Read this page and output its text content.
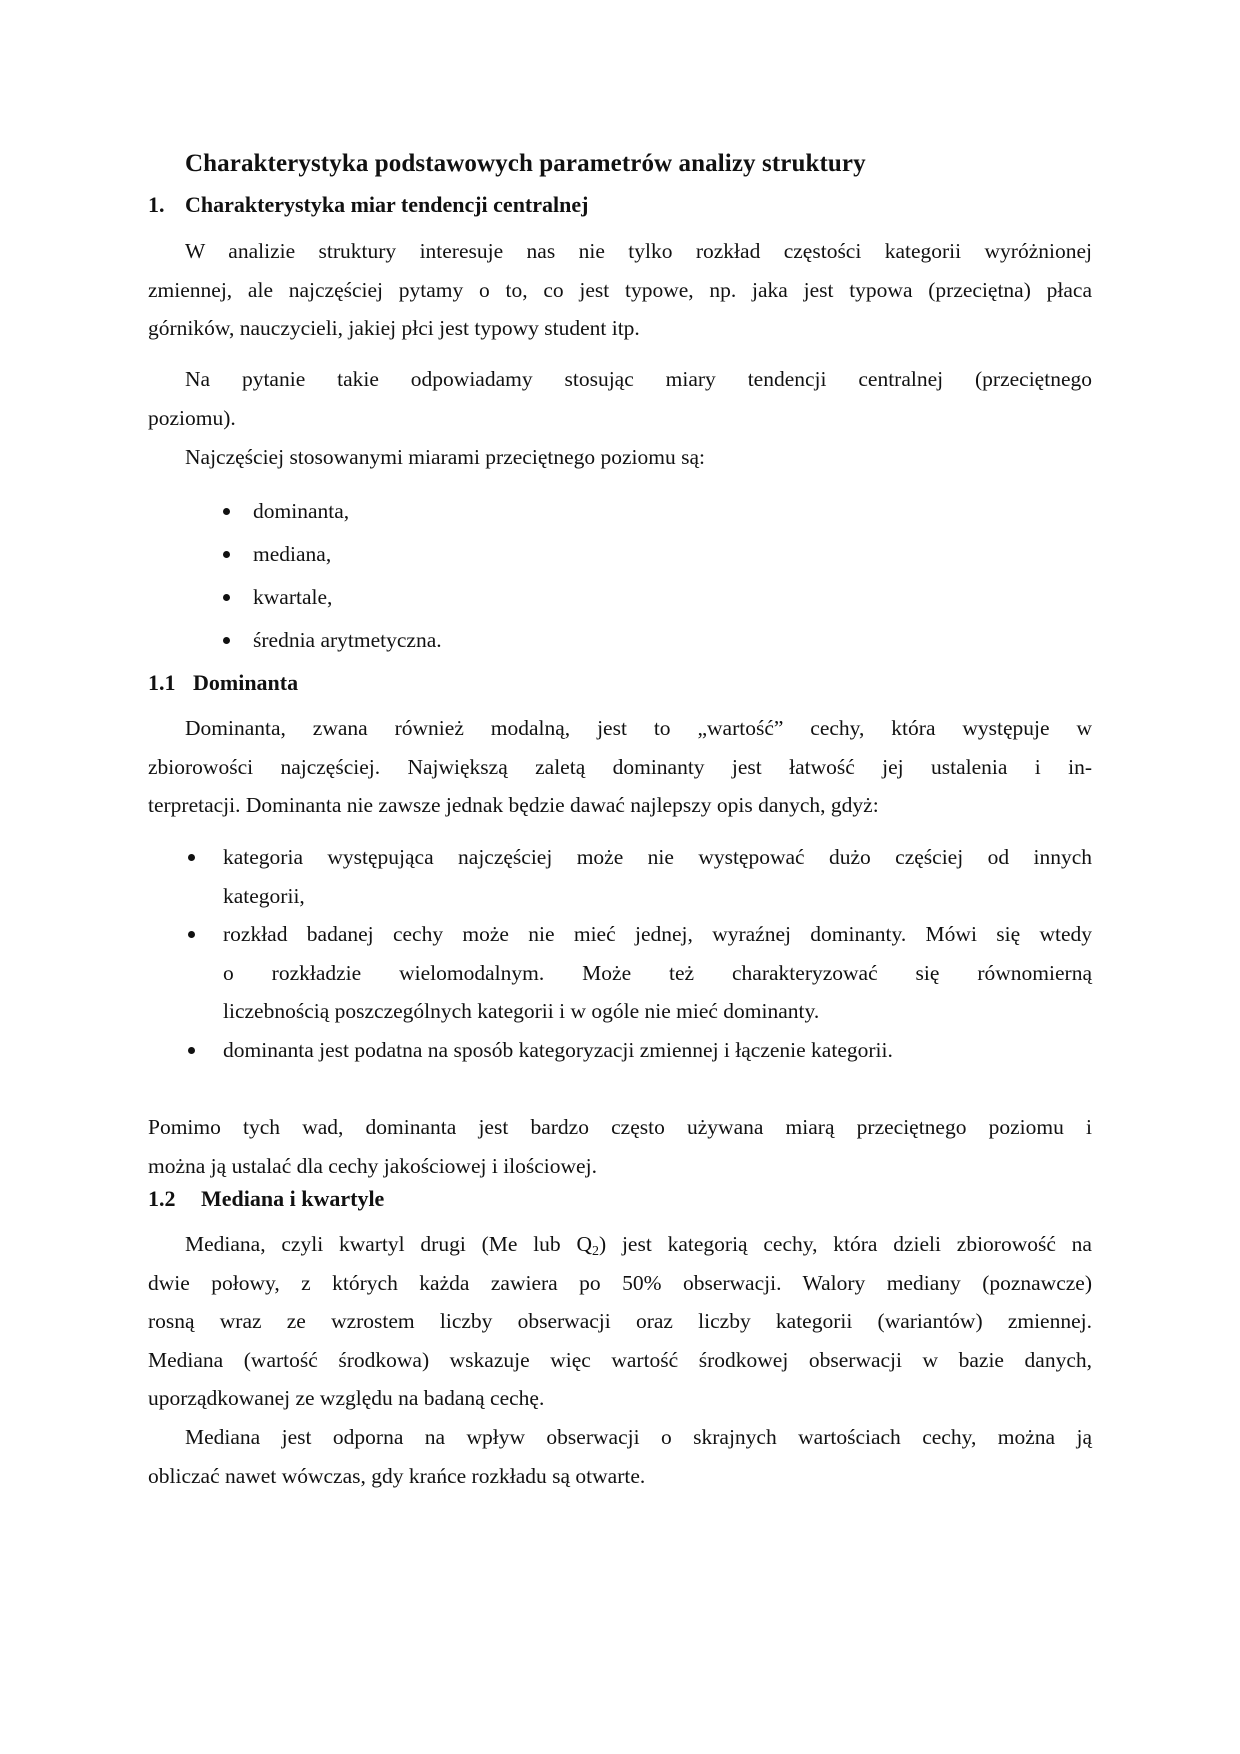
Charakterystyka podstawowych parametrów analizy struktury
1. Charakterystyka miar tendencji centralnej
W analizie struktury interesuje nas nie tylko rozkład częstości kategorii wyróżnionej
zmiennej, ale najczęściej pytamy o to, co jest typowe, np. jaka jest typowa (przeciętna) płaca
górników, nauczycieli, jakiej płci jest typowy student itp.
Na pytanie takie odpowiadamy stosując miary tendencji centralnej (przeciętnego
poziomu).
Najczęściej stosowanymi miarami przeciętnego poziomu są:
dominanta,
mediana,
kwartale,
średnia arytmetyczna.
1.1 Dominanta
Dominanta, zwana również modalną, jest to „wartość” cechy, która występuje w
zbiorowości najczęściej. Największą zaletą dominanty jest łatwość jej ustalenia i in-
terpretacji. Dominanta nie zawsze jednak będzie dawać najlepszy opis danych, gdyż:
kategoria występująca najczęściej może nie występować dużo częściej od innych
kategorii,
rozkład badanej cechy może nie mieć jednej, wyraźnej dominanty. Mówi się wtedy
o rozkładzie wielomodalnym. Może też charakteryzować się równomierną
liczebnością poszczególnych kategorii i w ogóle nie mieć dominanty.
dominanta jest podatna na sposób kategoryzacji zmiennej i łączenie kategorii.
Pomimo tych wad, dominanta jest bardzo często używana miarą przeciętnego poziomu i
można ją ustalać dla cechy jakościowej i ilościowej.
1.2 Mediana i kwartyle
Mediana, czyli kwartyl drugi (Me lub $Q_2$) jest kategorią cechy, która dzieli zbiorowość na
dwie połowy, z których każda zawiera po 50% obserwacji. Walory mediany (poznawcze)
rosną wraz ze wzrostem liczby obserwacji oraz liczby kategorii (wariantów) zmiennej.
Mediana (wartość środkowa) wskazuje więc wartość środkowej obserwacji w bazie danych,
uporządkowanej ze względu na badaną cechę.
Mediana jest odporna na wpływ obserwacji o skrajnych wartościach cechy, można ją
obliczać nawet wówczas, gdy krańce rozkładu są otwarte.
